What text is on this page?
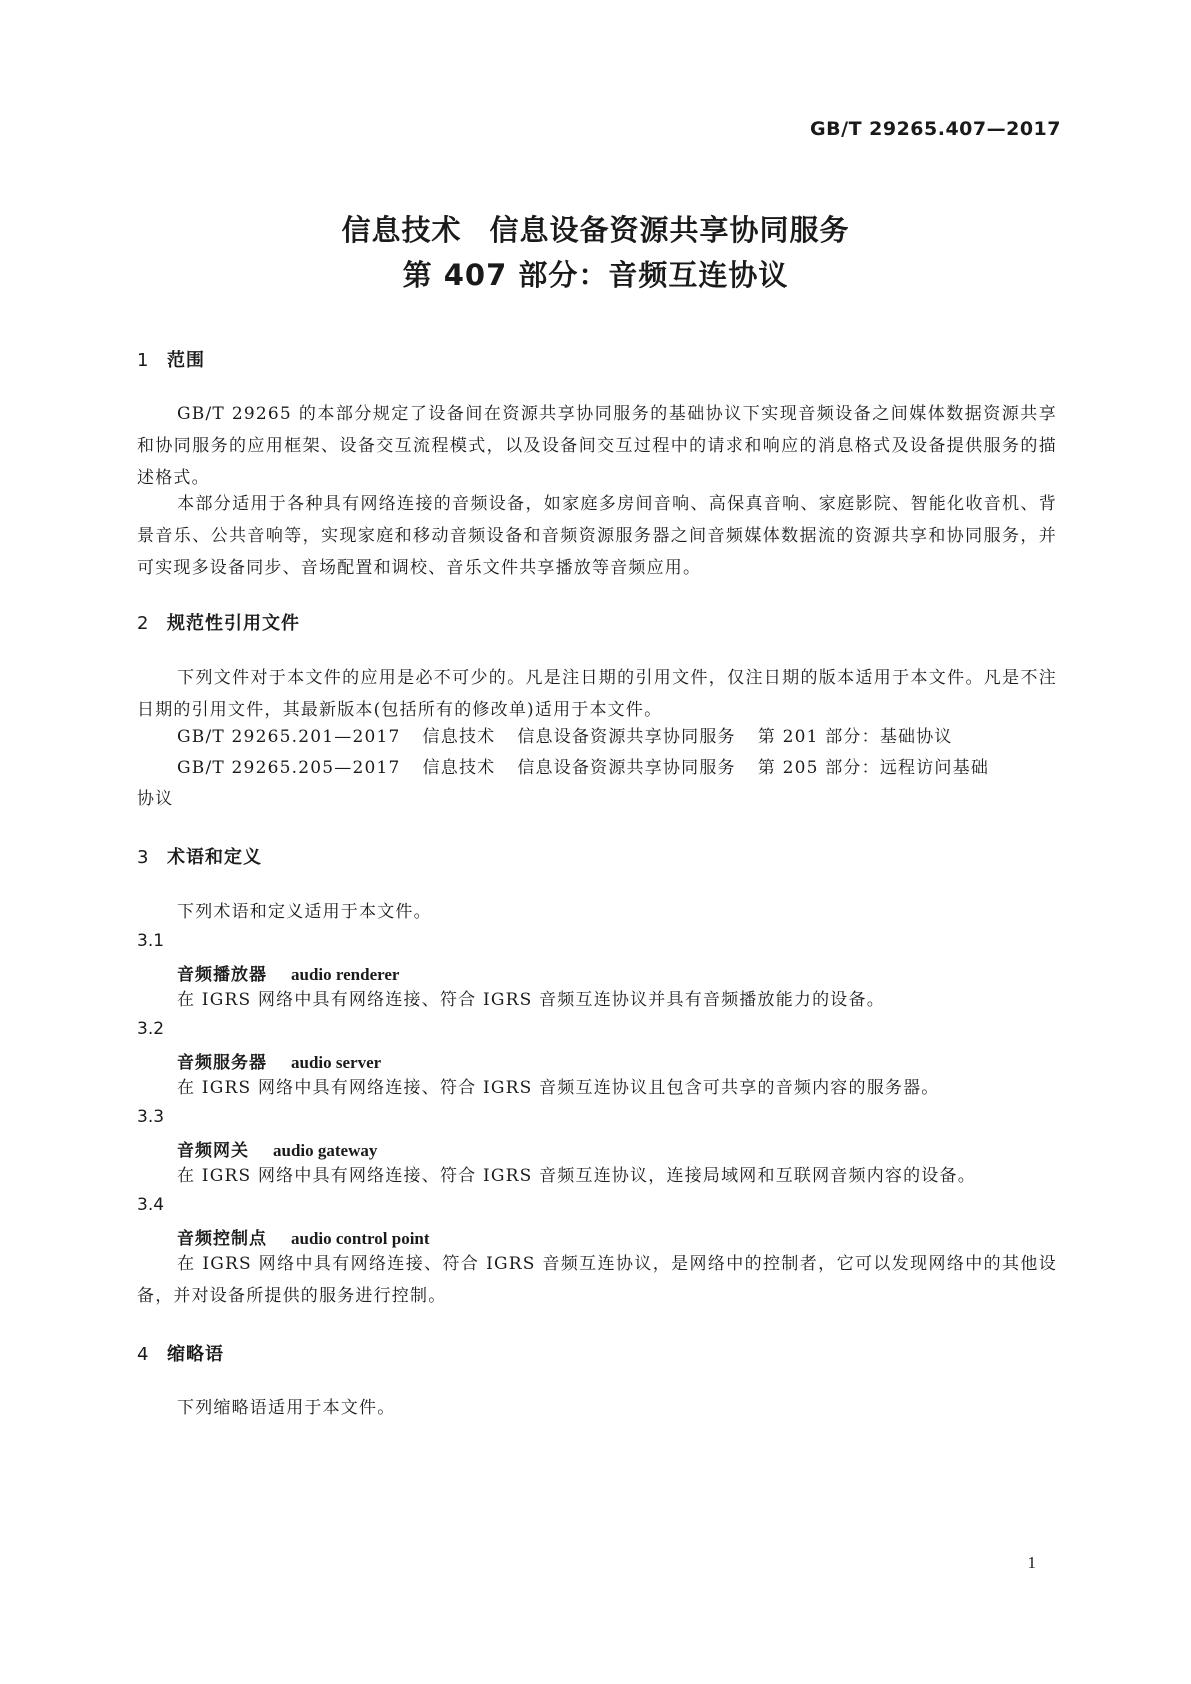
GB/T 29265.407—2017
信息技术 信息设备资源共享协同服务
第 407 部分：音频互连协议
1 范围
GB/T 29265 的本部分规定了设备间在资源共享协同服务的基础协议下实现音频设备之间媒体数据资源共享和协同服务的应用框架、设备交互流程模式，以及设备间交互过程中的请求和响应的消息格式及设备提供服务的描述格式。
本部分适用于各种具有网络连接的音频设备，如家庭多房间音响、高保真音响、家庭影院、智能化收音机、背景音乐、公共音响等，实现家庭和移动音频设备和音频资源服务器之间音频媒体数据流的资源共享和协同服务，并可实现多设备同步、音场配置和调校、音乐文件共享播放等音频应用。
2 规范性引用文件
下列文件对于本文件的应用是必不可少的。凡是注日期的引用文件，仅注日期的版本适用于本文件。凡是不注日期的引用文件，其最新版本(包括所有的修改单)适用于本文件。
GB/T 29265.201—2017 信息技术 信息设备资源共享协同服务 第 201 部分：基础协议
GB/T 29265.205—2017 信息技术 信息设备资源共享协同服务 第 205 部分：远程访问基础
协议
3 术语和定义
下列术语和定义适用于本文件。
3.1
音频播放器 audio renderer
在 IGRS 网络中具有网络连接、符合 IGRS 音频互连协议并具有音频播放能力的设备。
3.2
音频服务器 audio server
在 IGRS 网络中具有网络连接、符合 IGRS 音频互连协议且包含可共享的音频内容的服务器。
3.3
音频网关 audio gateway
在 IGRS 网络中具有网络连接、符合 IGRS 音频互连协议，连接局域网和互联网音频内容的设备。
3.4
音频控制点 audio control point
在 IGRS 网络中具有网络连接、符合 IGRS 音频互连协议，是网络中的控制者，它可以发现网络中的其他设备，并对设备所提供的服务进行控制。
4 缩略语
下列缩略语适用于本文件。
1
